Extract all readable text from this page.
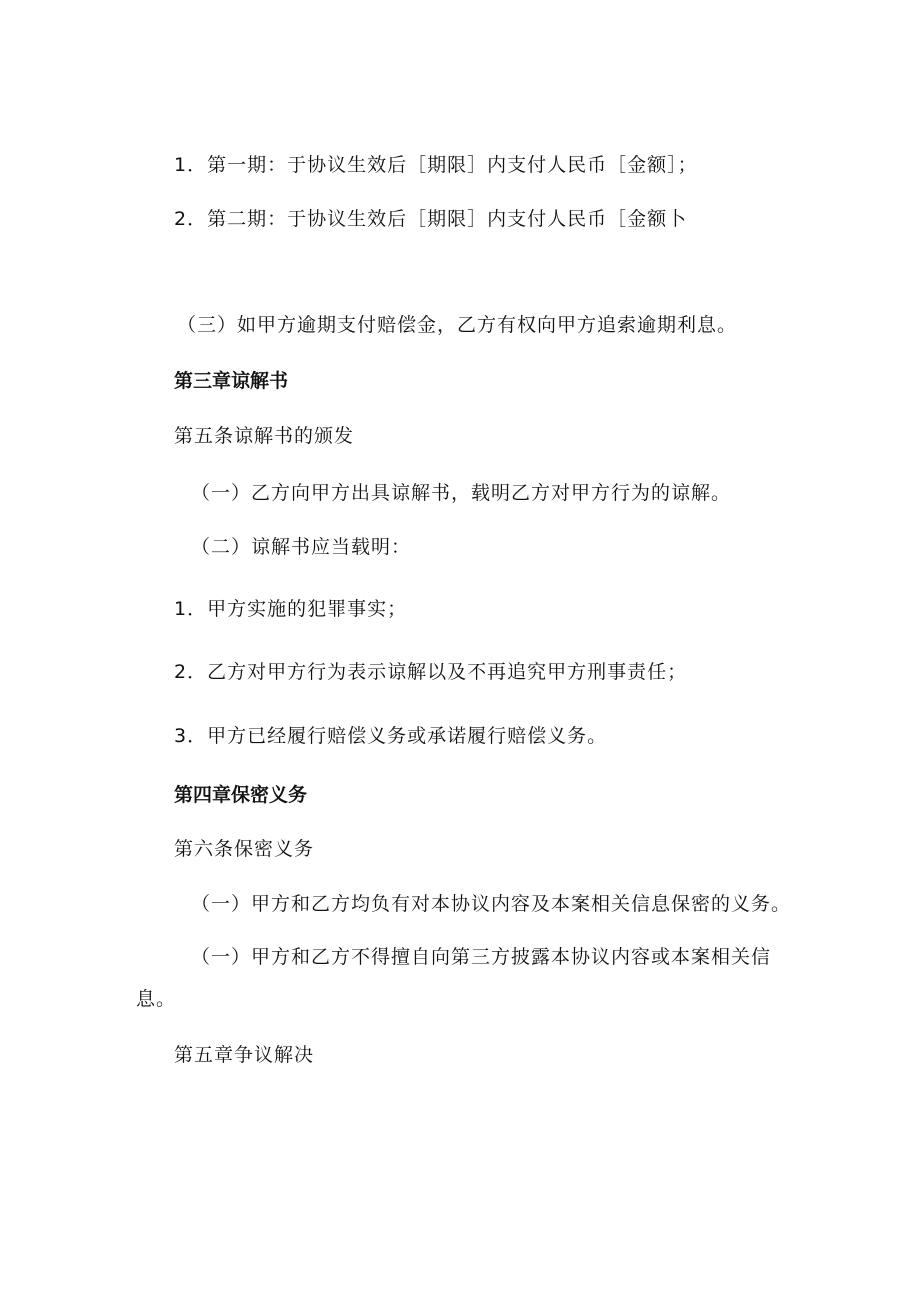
1．第一期：于协议生效后［期限］内支付人民币［金额］；
2．第二期：于协议生效后［期限］内支付人民币［金额卜
（三）如甲方逾期支付赔偿金，乙方有权向甲方追索逾期利息。
第三章谅解书
第五条谅解书的颁发
（一）乙方向甲方出具谅解书，载明乙方对甲方行为的谅解。
（二）谅解书应当载明：
1．甲方实施的犯罪事实；
2．乙方对甲方行为表示谅解以及不再追究甲方刑事责任；
3．甲方已经履行赔偿义务或承诺履行赔偿义务。
第四章保密义务
第六条保密义务
（一）甲方和乙方均负有对本协议内容及本案相关信息保密的义务。
（一）甲方和乙方不得擅自向第三方披露本协议内容或本案相关信
息。
第五章争议解决
